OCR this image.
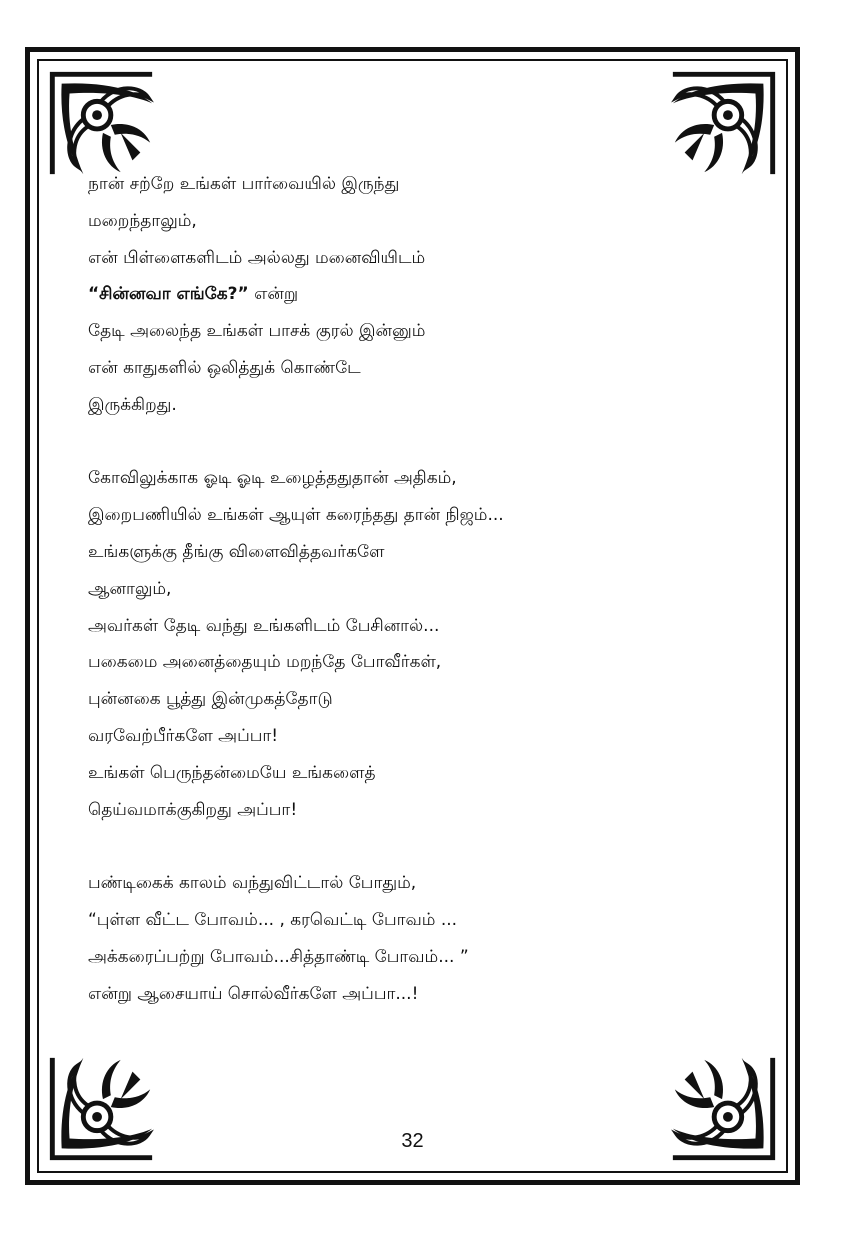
நான் சற்றே உங்கள் பார்வையில் இருந்து
மறைந்தாலும்,
என் பிள்ளைகளிடம் அல்லது மனைவியிடம்
“சின்னவா எங்கே?” என்று
தேடி அலைந்த உங்கள் பாசக் குரல் இன்னும்
என் காதுகளில் ஒலித்துக் கொண்டே
இருக்கிறது.
கோவிலுக்காக ஓடி ஓடி உழைத்ததுதான் அதிகம்,
இறைபணியில் உங்கள் ஆயுள் கரைந்தது தான் நிஜம்...
உங்களுக்கு தீங்கு விளைவித்தவர்களே
ஆனாலும்,
அவர்கள் தேடி வந்து உங்களிடம் பேசினால்...
பகைமை அனைத்தையும் மறந்தே போவீர்கள்,
புன்னகை பூத்து இன்முகத்தோடு
வரவேற்பீர்களே அப்பா!
உங்கள் பெருந்தன்மையே உங்களைத்
தெய்வமாக்குகிறது அப்பா!
பண்டிகைக் காலம் வந்துவிட்டால் போதும்,
“புள்ள வீட்ட போவம்... , கரவெட்டி போவம் ...
அக்கரைப்பற்று போவம்...சித்தாண்டி போவம்... ”
என்று ஆசையாய் சொல்வீர்களே அப்பா...!
32
